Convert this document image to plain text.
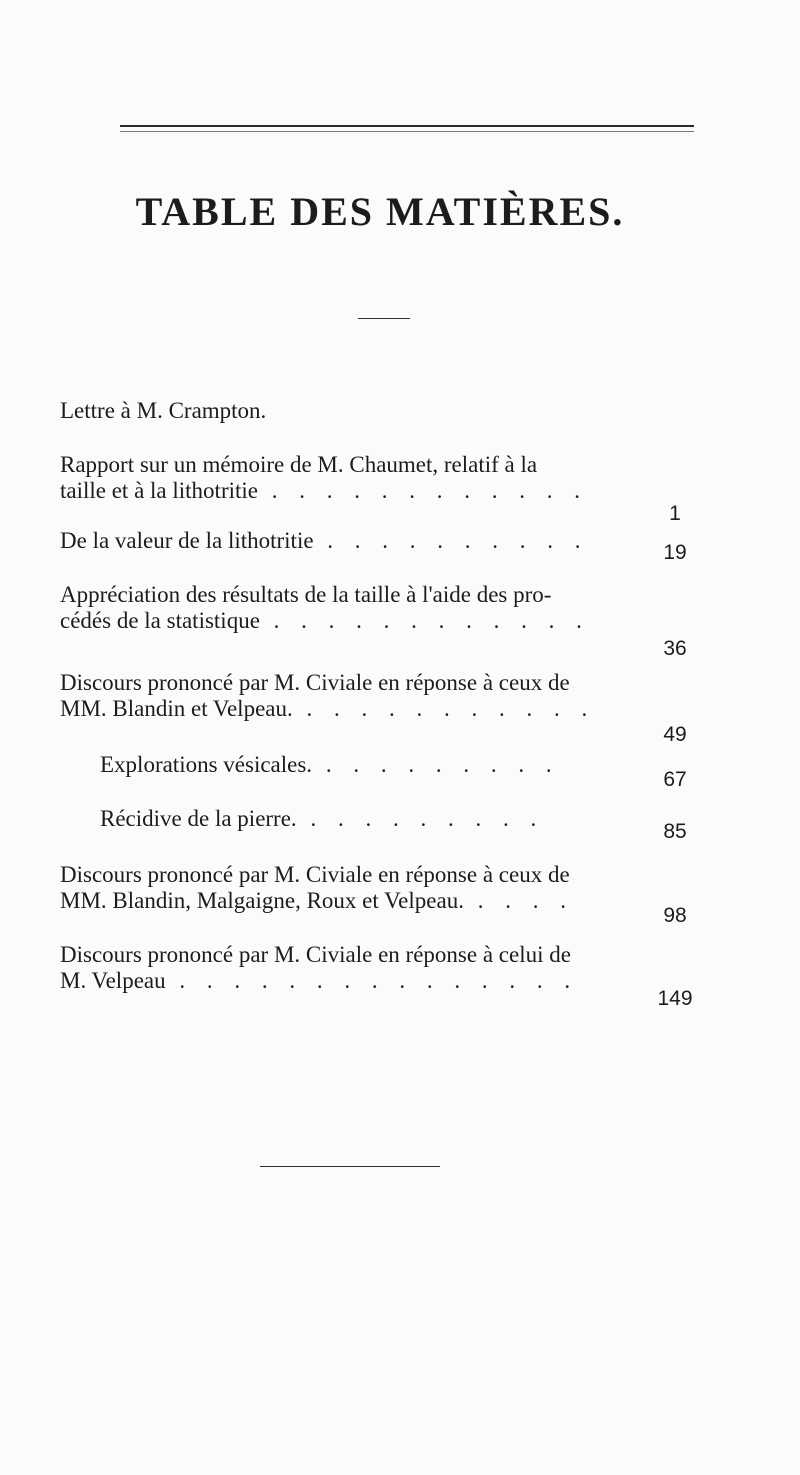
TABLE DES MATIÈRES.
Lettre à M. Crampton.
Rapport sur un mémoire de M. Chaumet, relatif à la
taille et à la lithotritie . . . . . . . . . . . .
1
De la valeur de la lithotritie . . . . . . . . . .	19
Appréciation des résultats de la taille à l'aide des pro-
cédés de la statistique . . . . . . . . . . . .
36
Discours prononcé par M. Civiale en réponse à ceux de
MM. Blandin et Velpeau. . . . . . . . . . . .
49
Explorations vésicales. . . . . . . . . .
67
Récidive de la pierre. . . . . . . . . .
85
Discours prononcé par M. Civiale en réponse à ceux de
MM. Blandin, Malgaigne, Roux et Velpeau. . . . .
98
Discours prononcé par M. Civiale en réponse à celui de
M. Velpeau . . . . . . . . . . . . . . .
149
